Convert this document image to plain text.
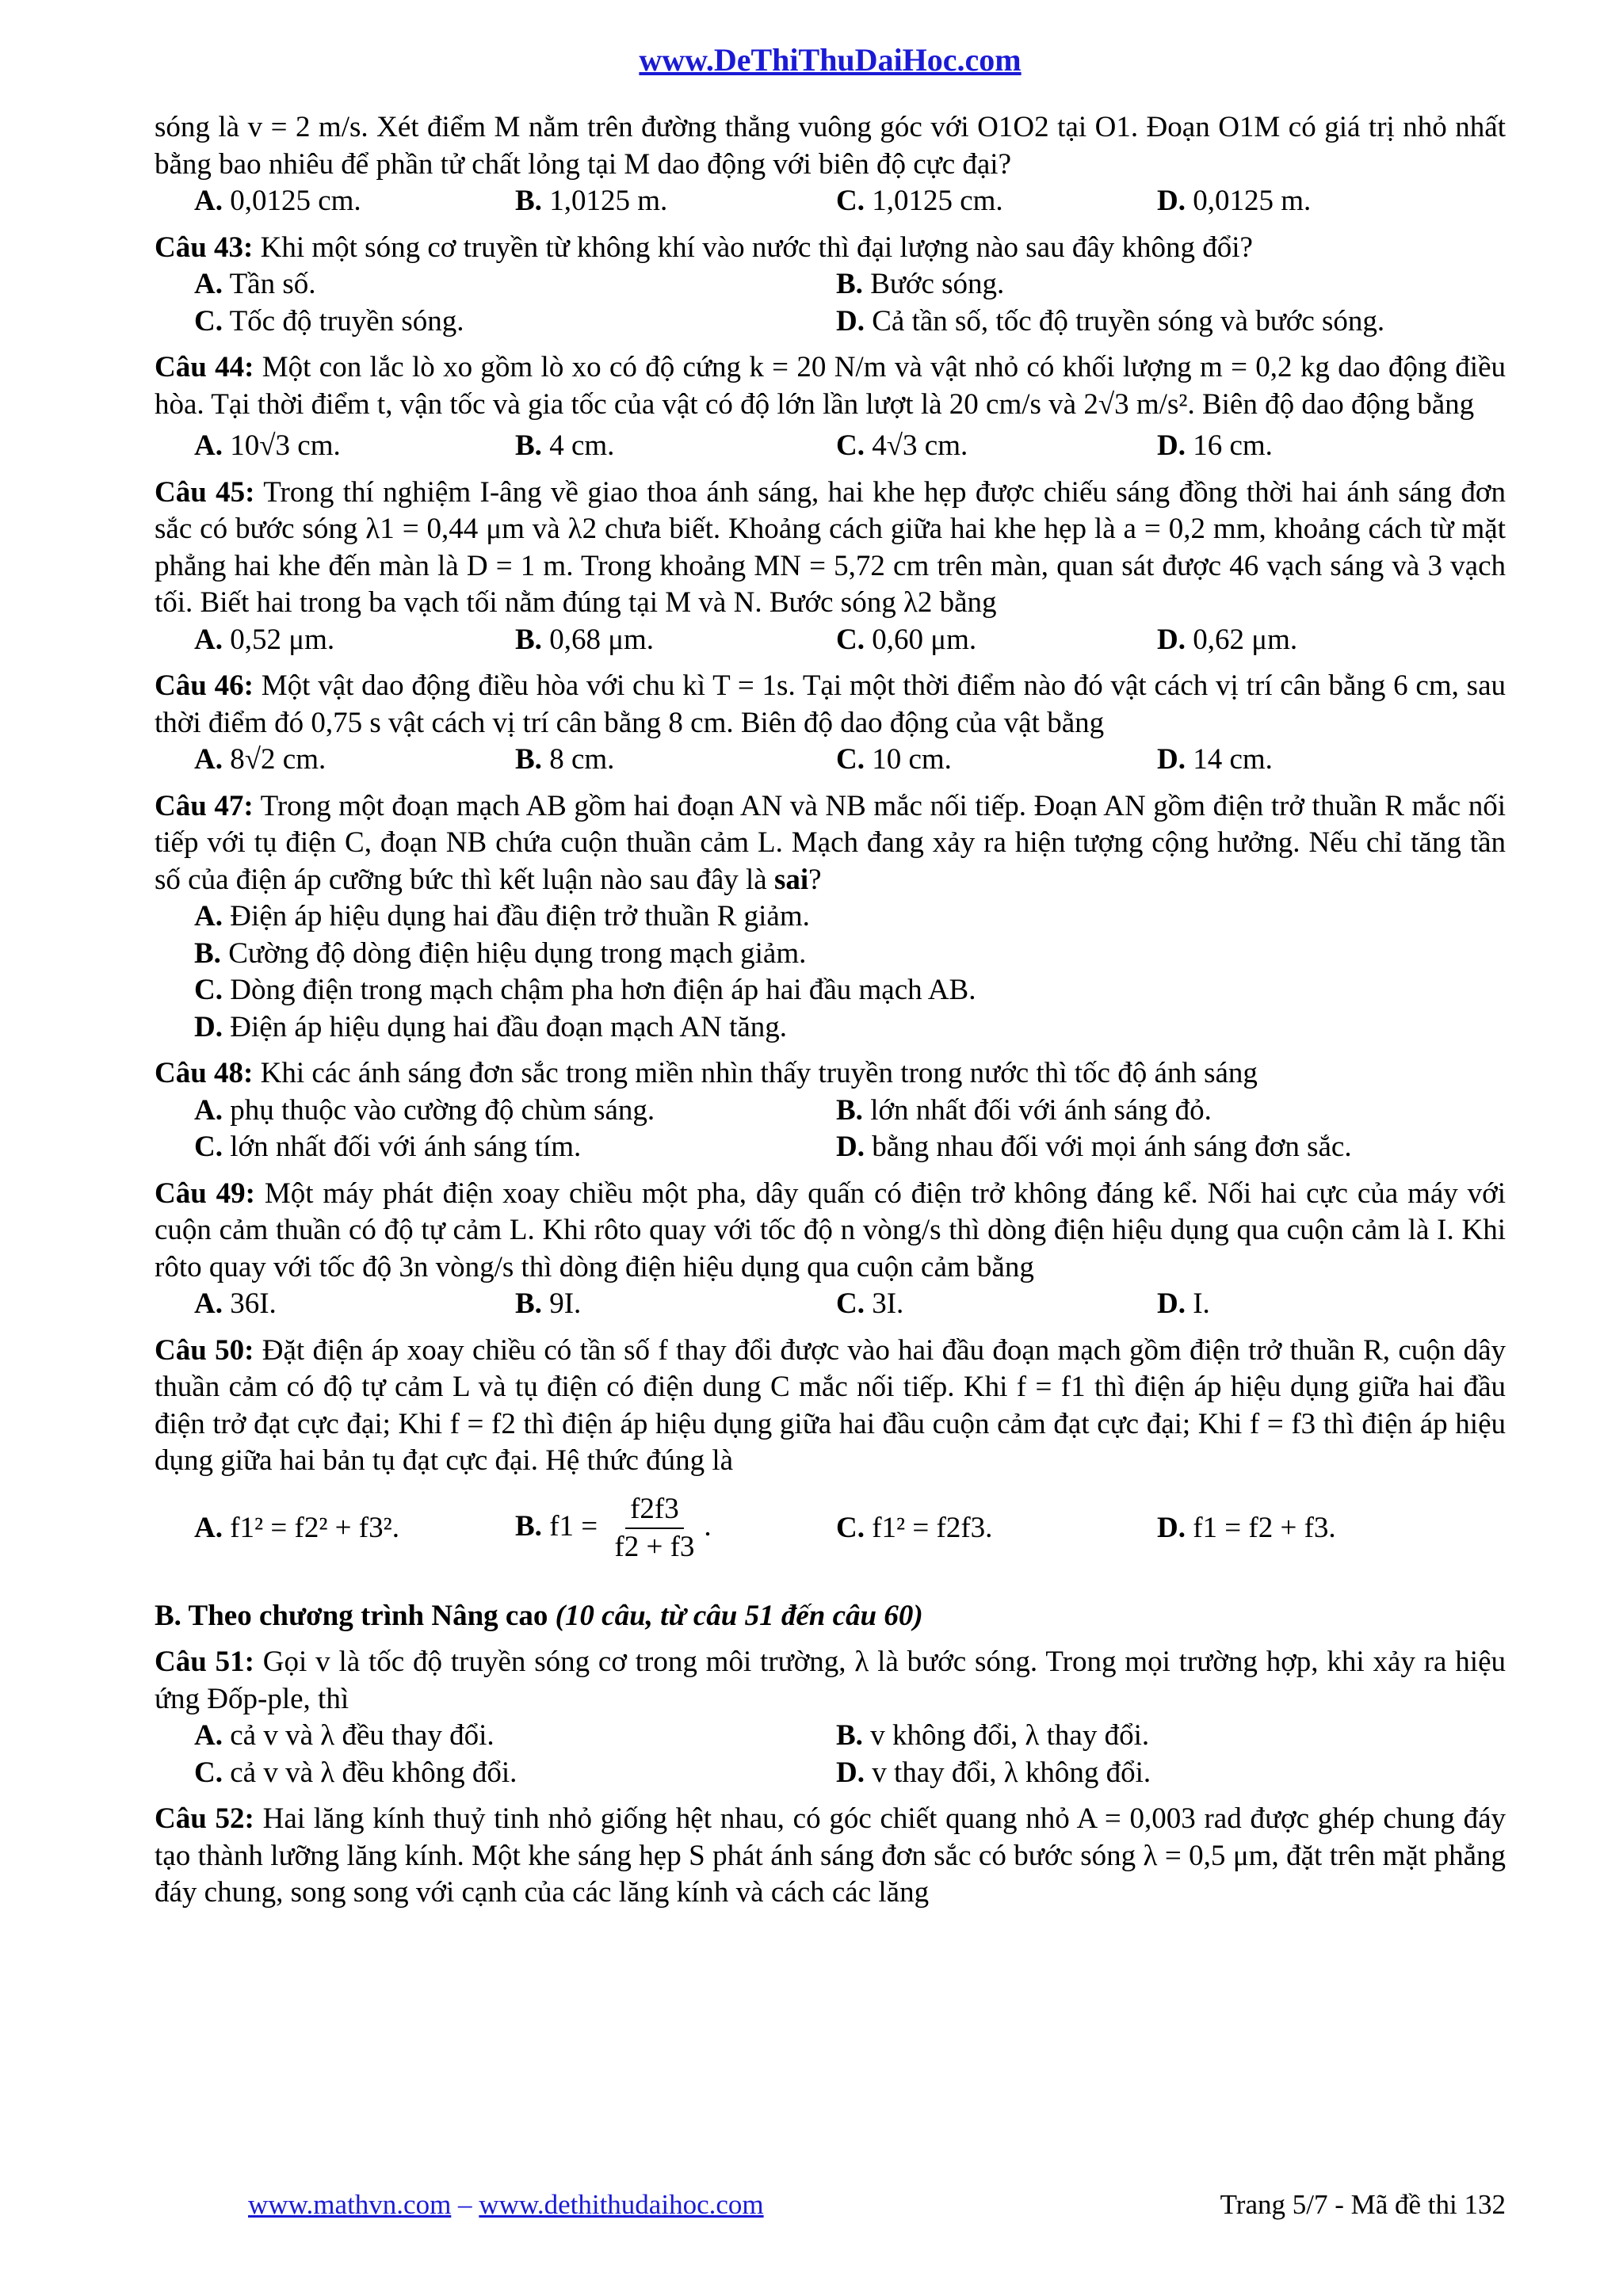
www.DeThiThuDaiHoc.com

sóng là v = 2 m/s. Xét điểm M nằm trên đường thẳng vuông góc với O1O2 tại O1. Đoạn O1M có giá trị nhỏ nhất bằng bao nhiêu để phần tử chất lỏng tại M dao động với biên độ cực đại?

A. 0,0125 cm.	B. 1,0125 m.	C. 1,0125 cm.	D. 0,0125 m.

Câu 43: Khi một sóng cơ truyền từ không khí vào nước thì đại lượng nào sau đây không đổi?

A. Tần số.	B. Bước sóng.
C. Tốc độ truyền sóng.	D. Cả tần số, tốc độ truyền sóng và bước sóng.

Câu 44: Một con lắc lò xo gồm lò xo có độ cứng k = 20 N/m và vật nhỏ có khối lượng m = 0,2 kg dao động điều hòa. Tại thời điểm t, vận tốc và gia tốc của vật có độ lớn lần lượt là 20 cm/s và 2√3 m/s². Biên độ dao động bằng

A. 10√3 cm.	B. 4 cm.	C. 4√3 cm.	D. 16 cm.

Câu 45: Trong thí nghiệm I-âng về giao thoa ánh sáng, hai khe hẹp được chiếu sáng đồng thời hai ánh sáng đơn sắc có bước sóng λ1 = 0,44 μm và λ2 chưa biết. Khoảng cách giữa hai khe hẹp là a = 0,2 mm, khoảng cách từ mặt phẳng hai khe đến màn là D = 1 m. Trong khoảng MN = 5,72 cm trên màn, quan sát được 46 vạch sáng và 3 vạch tối. Biết hai trong ba vạch tối nằm đúng tại M và N. Bước sóng λ2 bằng

A. 0,52 μm.	B. 0,68 μm.	C. 0,60 μm.	D. 0,62 μm.

Câu 46: Một vật dao động điều hòa với chu kì T = 1s. Tại một thời điểm nào đó vật cách vị trí cân bằng 6 cm, sau thời điểm đó 0,75 s vật cách vị trí cân bằng 8 cm. Biên độ dao động của vật bằng

A. 8√2 cm.	B. 8 cm.	C. 10 cm.	D. 14 cm.

Câu 47: Trong một đoạn mạch AB gồm hai đoạn AN và NB mắc nối tiếp. Đoạn AN gồm điện trở thuần R mắc nối tiếp với tụ điện C, đoạn NB chứa cuộn thuần cảm L. Mạch đang xảy ra hiện tượng cộng hưởng. Nếu chỉ tăng tần số của điện áp cưỡng bức thì kết luận nào sau đây là sai?

A. Điện áp hiệu dụng hai đầu điện trở thuần R giảm.
B. Cường độ dòng điện hiệu dụng trong mạch giảm.
C. Dòng điện trong mạch chậm pha hơn điện áp hai đầu mạch AB.
D. Điện áp hiệu dụng hai đầu đoạn mạch AN tăng.

Câu 48: Khi các ánh sáng đơn sắc trong miền nhìn thấy truyền trong nước thì tốc độ ánh sáng

A. phụ thuộc vào cường độ chùm sáng.	B. lớn nhất đối với ánh sáng đỏ.
C. lớn nhất đối với ánh sáng tím.	D. bằng nhau đối với mọi ánh sáng đơn sắc.

Câu 49: Một máy phát điện xoay chiều một pha, dây quấn có điện trở không đáng kể. Nối hai cực của máy với cuộn cảm thuần có độ tự cảm L. Khi rôto quay với tốc độ n vòng/s thì dòng điện hiệu dụng qua cuộn cảm là I. Khi rôto quay với tốc độ 3n vòng/s thì dòng điện hiệu dụng qua cuộn cảm bằng

A. 36I.	B. 9I.	C. 3I.	D. I.

Câu 50: Đặt điện áp xoay chiều có tần số f thay đổi được vào hai đầu đoạn mạch gồm điện trở thuần R, cuộn dây thuần cảm có độ tự cảm L và tụ điện có điện dung C mắc nối tiếp. Khi f = f1 thì điện áp hiệu dụng giữa hai đầu điện trở đạt cực đại; Khi f = f2 thì điện áp hiệu dụng giữa hai đầu cuộn cảm đạt cực đại; Khi f = f3 thì điện áp hiệu dụng giữa hai bản tụ đạt cực đại. Hệ thức đúng là

A. f1² = f2² + f3².	B. $f1 = \frac{f2f3}{f2 + f3}$ .	C. f1² = f2f3.	D. f1 = f2 + f3.

B. Theo chương trình Nâng cao (10 câu, từ câu 51 đến câu 60)

Câu 51: Gọi v là tốc độ truyền sóng cơ trong môi trường, λ là bước sóng. Trong mọi trường hợp, khi xảy ra hiệu ứng Đốp-ple, thì

A. cả v và λ đều thay đổi.	B. v không đổi, λ thay đổi.
C. cả v và λ đều không đổi.	D. v thay đổi, λ không đổi.

Câu 52: Hai lăng kính thuỷ tinh nhỏ giống hệt nhau, có góc chiết quang nhỏ A = 0,003 rad được ghép chung đáy tạo thành lưỡng lăng kính. Một khe sáng hẹp S phát ánh sáng đơn sắc có bước sóng λ = 0,5 μm, đặt trên mặt phẳng đáy chung, song song với cạnh của các lăng kính và cách các lăng

www.mathvn.com – www.dethithudaihoc.com	Trang 5/7 - Mã đề thi 132
